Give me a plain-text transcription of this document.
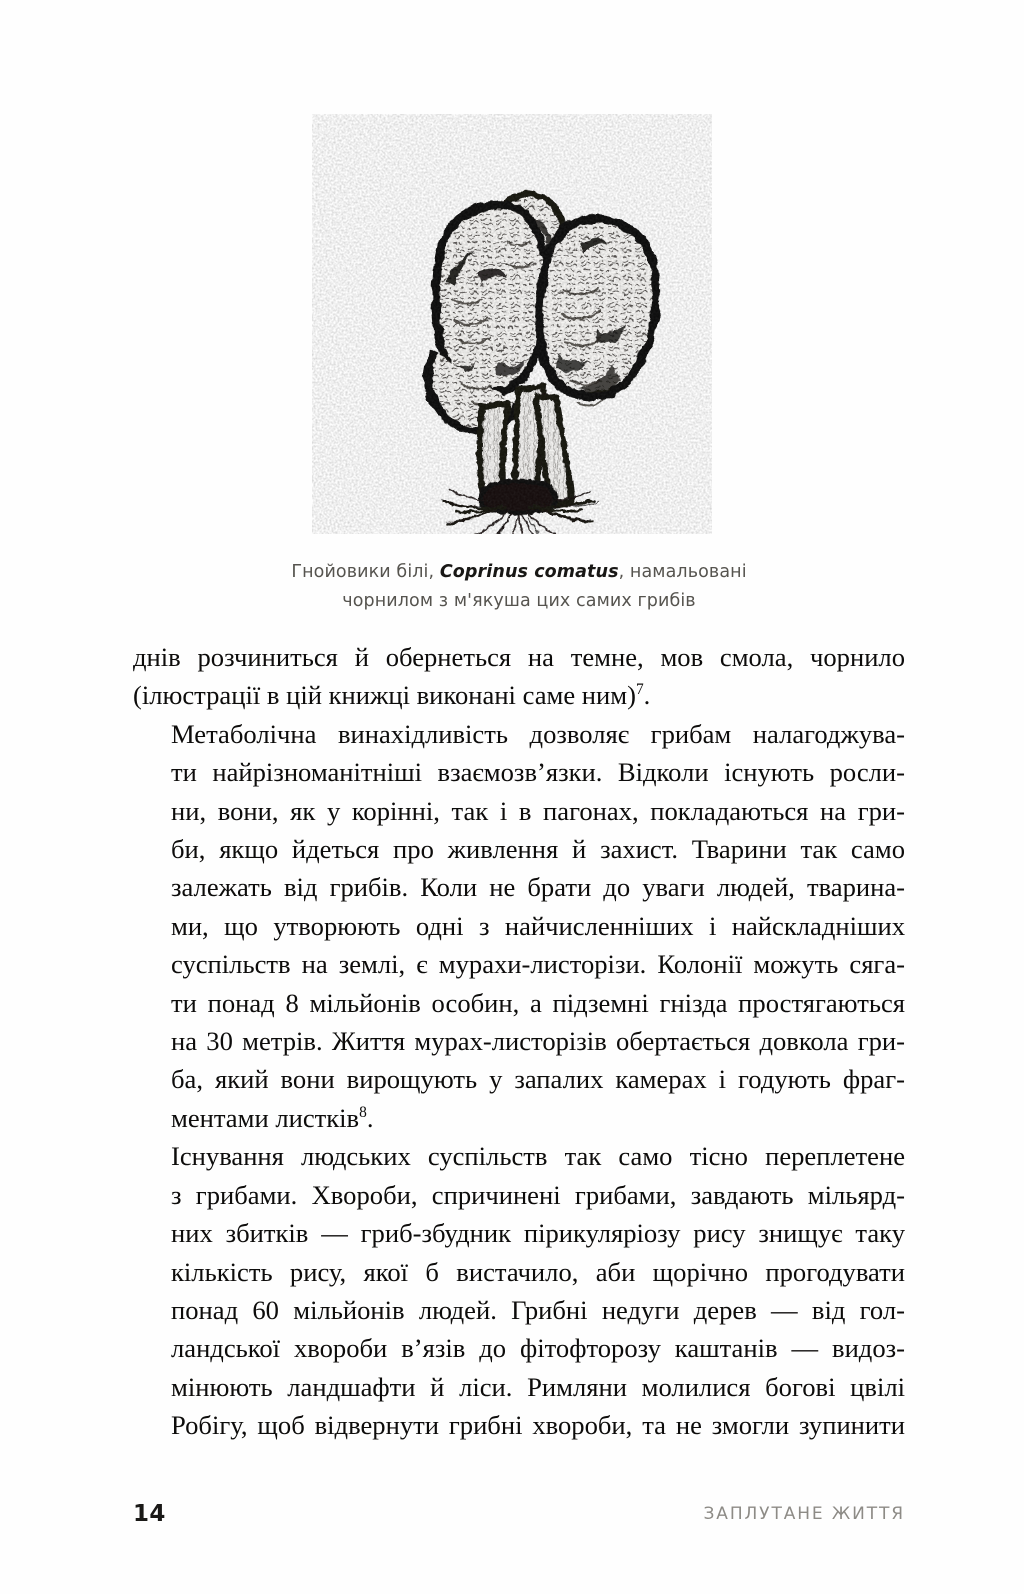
Гнойовики білі, Coprinus comatus, намальовані
чорнилом з м'якуша цих самих грибів

днів розчиниться й обернеться на темне, мов смола, чорнило
(ілюстрації в цій книжці виконані саме ним)$^7$.

Метаболічна винахідливість дозволяє грибам налагоджува-
ти найрізноманітніші взаємозв’язки. Відколи існують росли-
ни, вони, як у корінні, так і в пагонах, покладаються на гри-
би, якщо йдеться про живлення й захист. Тварини так само
залежать від грибів. Коли не брати до уваги людей, тварина-
ми, що утворюють одні з найчисленніших і найскладніших
суспільств на землі, є мурахи-листорізи. Колонії можуть сяга-
ти понад 8 мільйонів особин, а підземні гнізда простягаються
на 30 метрів. Життя мурах-листорізів обертається довкола гри-
ба, який вони вирощують у запалих камерах і годують фраг-
ментами листків$^8$.

Існування людських суспільств так само тісно переплетене
з грибами. Хвороби, спричинені грибами, завдають мільярд-
них збитків — гриб-збудник пірикуляріозу рису знищує таку
кількість рису, якої б вистачило, аби щорічно прогодувати
понад 60 мільйонів людей. Грибні недуги дерев — від гол-
ландської хвороби в’язів до фітофторозу каштанів — видоз-
мінюють ландшафти й ліси. Римляни молилися богові цвілі
Робігу, щоб відвернути грибні хвороби, та не змогли зупинити

14	ЗАПЛУТАНЕ ЖИТТЯ
